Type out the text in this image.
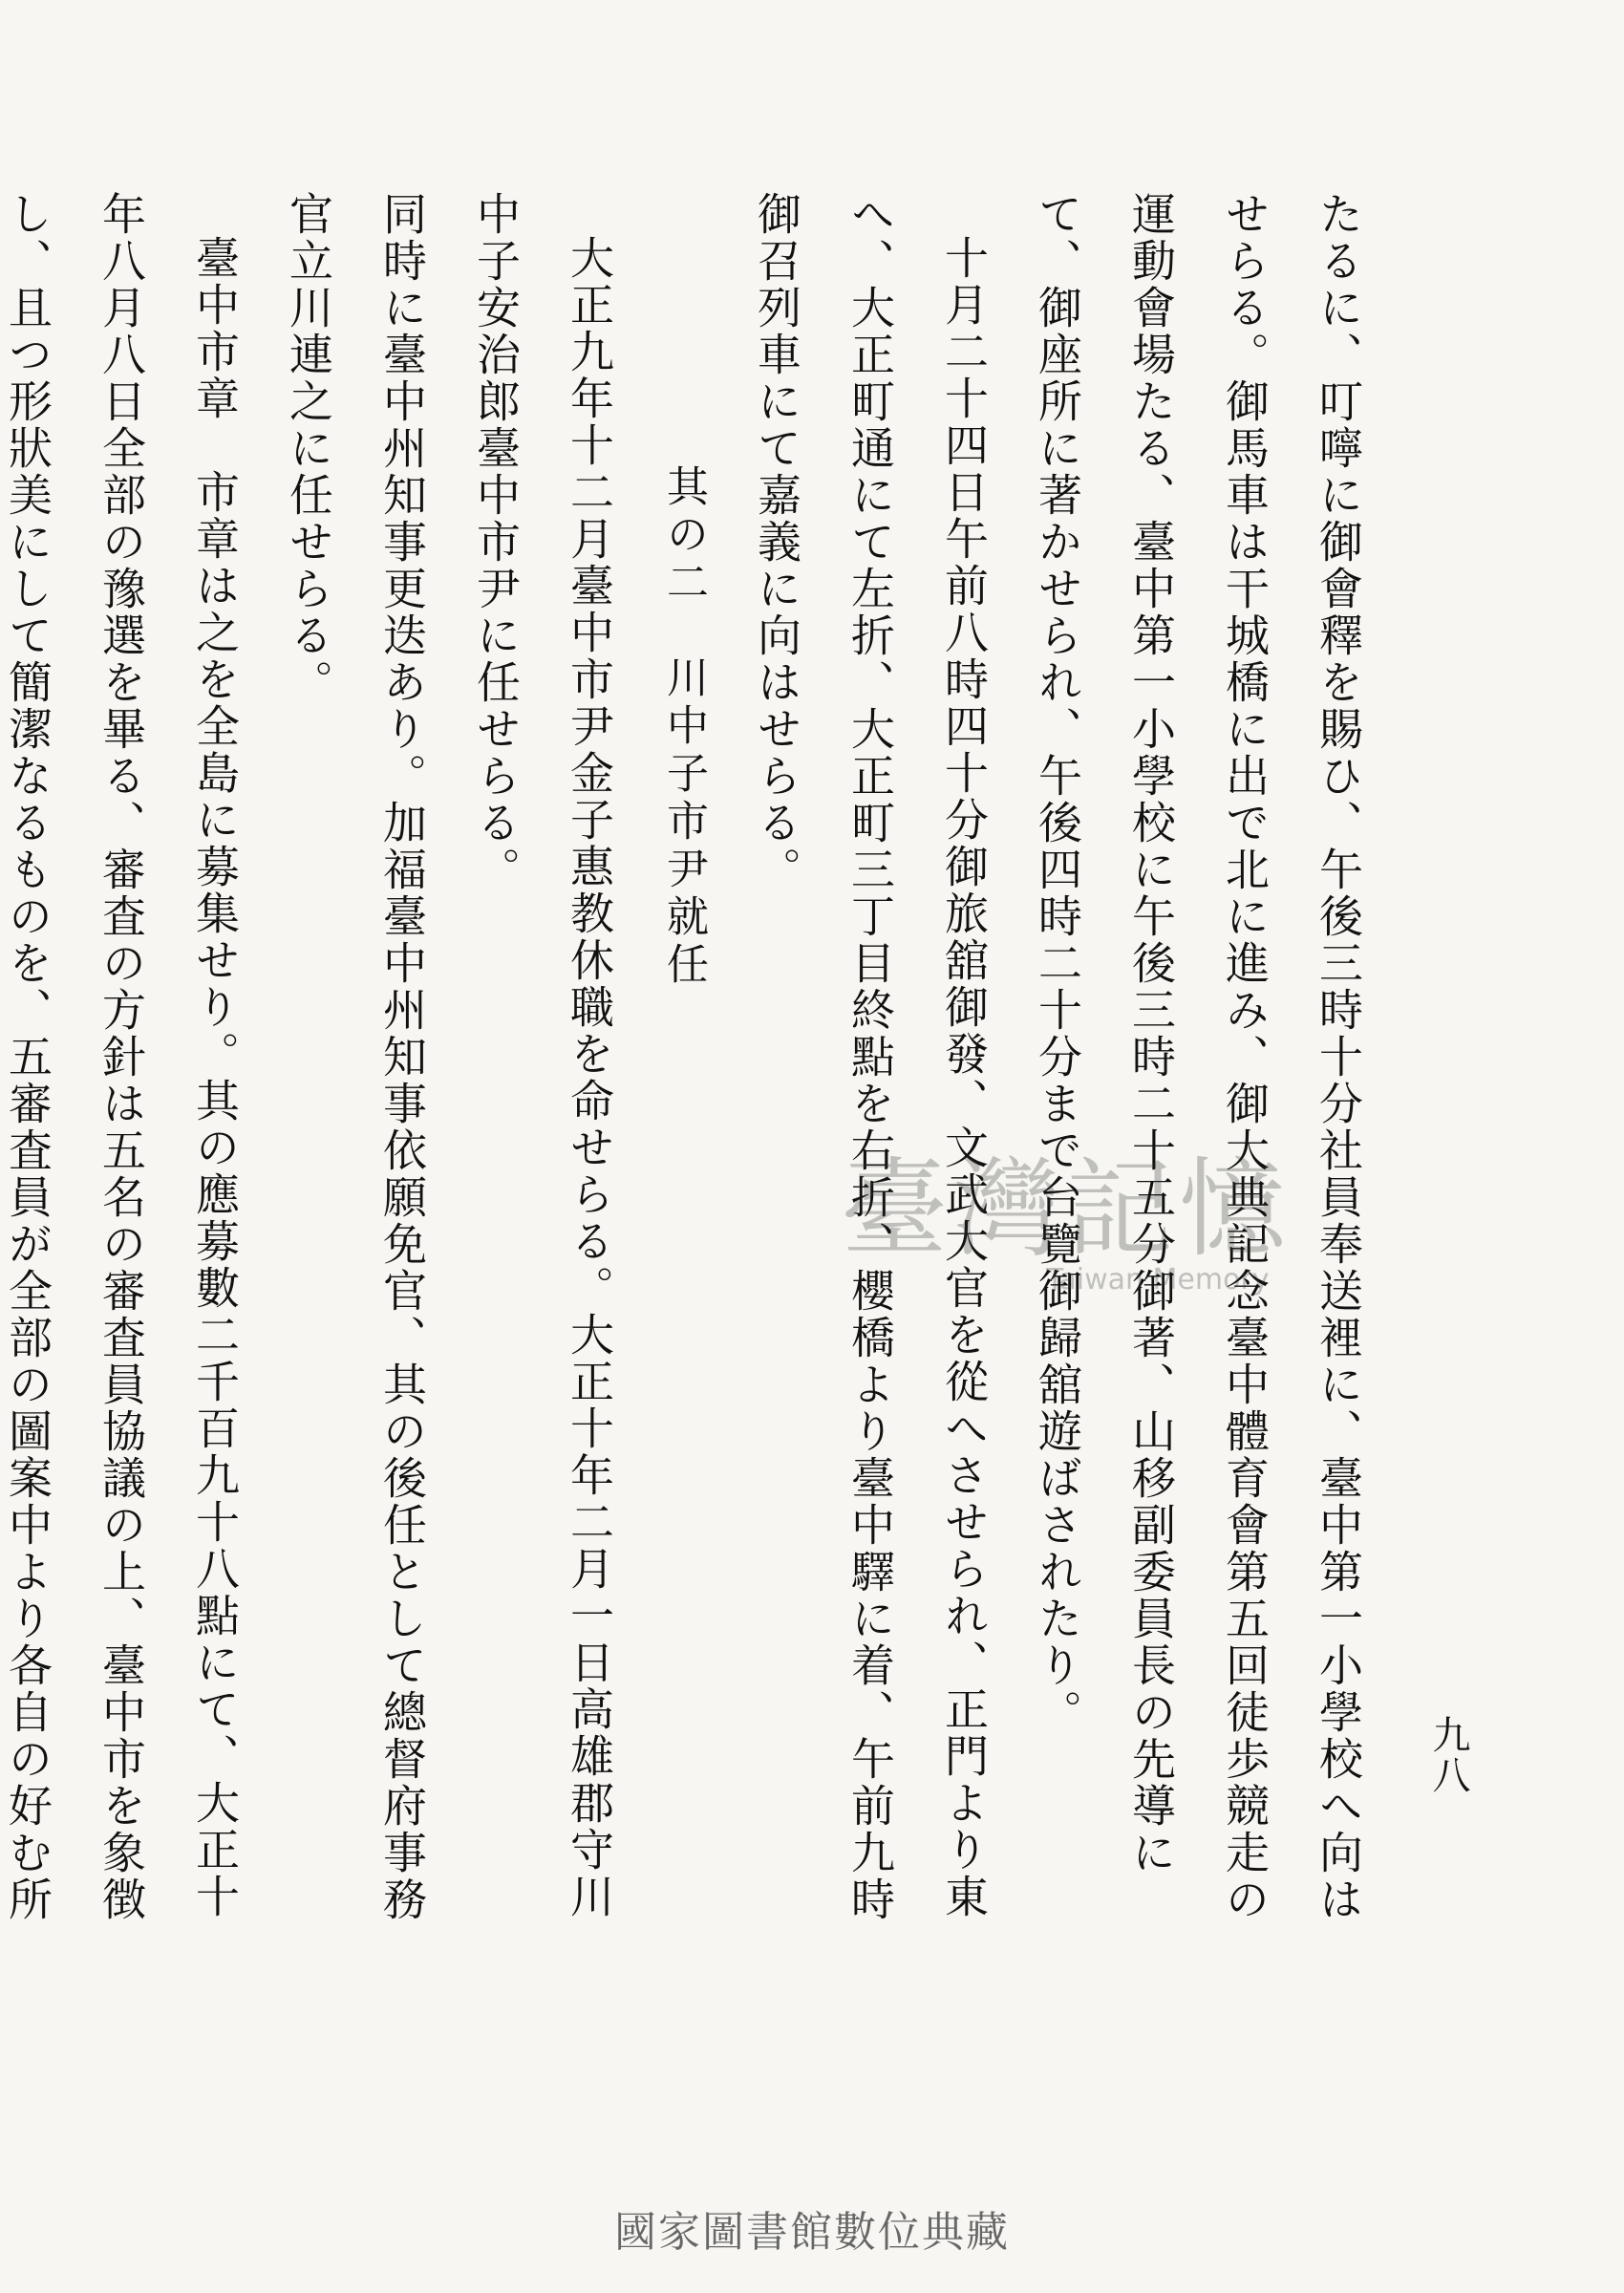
九八

たるに、叮嚀に御會釋を賜ひ、午後三時十分社員奉送裡に、臺中第一小學校へ向はせらる。御馬車は干城橋に出で北に進み、御大典記念臺中體育會第五回徒歩競走の運動會場たる、臺中第一小學校に午後三時二十五分御著、山移副委員長の先導にて、御座所に著かせられ、午後四時二十分まで台覽御歸舘遊ばされたり。

十月二十四日午前八時四十分御旅舘御發、文武大官を從へさせられ、正門より東へ、大正町通にて左折、大正町三丁目終點を右折、櫻橋より臺中驛に着、午前九時御召列車にて嘉義に向はせらる。

其の二　川中子市尹就任

大正九年十二月臺中市尹金子惠教休職を命せらる。大正十年二月一日高雄郡守川中子安治郎臺中市尹に任せらる。

同時に臺中州知事更迭あり。加福臺中州知事依願免官、其の後任として總督府事務官立川連之に任せらる。

臺中市章　市章は之を全島に募集せり。其の應募數二千百九十八點にて、大正十年八月八日全部の豫選を畢る、審査の方針は五名の審査員協議の上、臺中市を象徴し、且つ形狀美にして簡潔なるものを、五審査員が全部の圖案中より各自の好む所

臺灣記憶
Taiwan Memory
國家圖書館數位典藏
